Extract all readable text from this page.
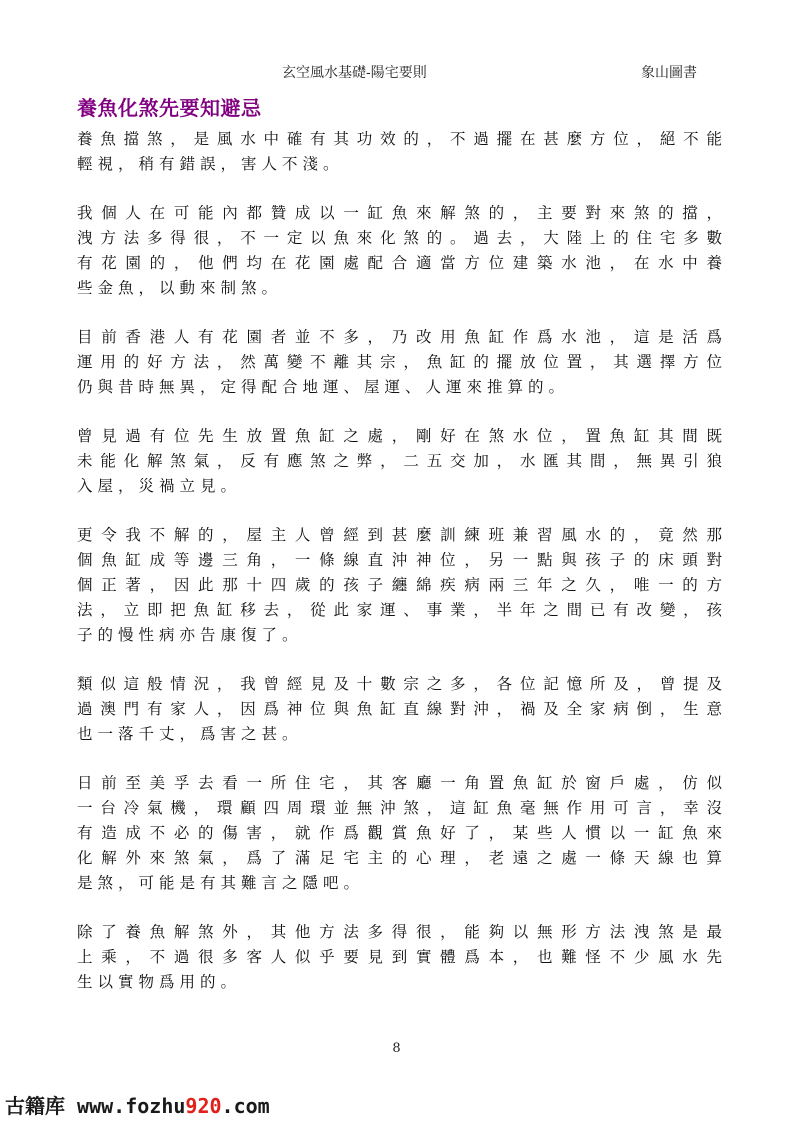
玄空風水基礎-陽宅要則	象山圖書
養魚化煞先要知避忌
養魚擋煞，是風水中確有其功效的，不過擺在甚麼方位，絕不能
輕視，稍有錯誤，害人不淺。
我個人在可能內都贊成以一缸魚來解煞的，主要對來煞的擋，
洩方法多得很，不一定以魚來化煞的。過去，大陸上的住宅多數
有花園的，他們均在花園處配合適當方位建築水池，在水中養
些金魚，以動來制煞。
目前香港人有花園者並不多，乃改用魚缸作爲水池，這是活爲
運用的好方法，然萬變不離其宗，魚缸的擺放位置，其選擇方位
仍與昔時無異，定得配合地運、屋運、人運來推算的。
曾見過有位先生放置魚缸之處，剛好在煞水位，置魚缸其間既
未能化解煞氣，反有應煞之弊，二五交加，水匯其間，無異引狼
入屋，災禍立見。
更令我不解的，屋主人曾經到甚麼訓練班兼習風水的，竟然那
個魚缸成等邊三角，一條線直沖神位，另一點與孩子的床頭對
個正著，因此那十四歲的孩子纏綿疾病兩三年之久，唯一的方
法，立即把魚缸移去，從此家運、事業，半年之間已有改變，孩
子的慢性病亦告康復了。
類似這般情況，我曾經見及十數宗之多，各位記憶所及，曾提及
過澳門有家人，因爲神位與魚缸直線對沖，禍及全家病倒，生意
也一落千丈，爲害之甚。
日前至美孚去看一所住宅，其客廳一角置魚缸於窗戶處，仿似
一台冷氣機，環顧四周環並無沖煞，這缸魚毫無作用可言，幸沒
有造成不必的傷害，就作爲觀賞魚好了，某些人慣以一缸魚來
化解外來煞氣，爲了滿足宅主的心理，老遠之處一條天線也算
是煞，可能是有其難言之隱吧。
除了養魚解煞外，其他方法多得很，能夠以無形方法洩煞是最
上乘，不過很多客人似乎要見到實體爲本，也難怪不少風水先
生以實物爲用的。
8
古籍库 www.fozhu920.com
